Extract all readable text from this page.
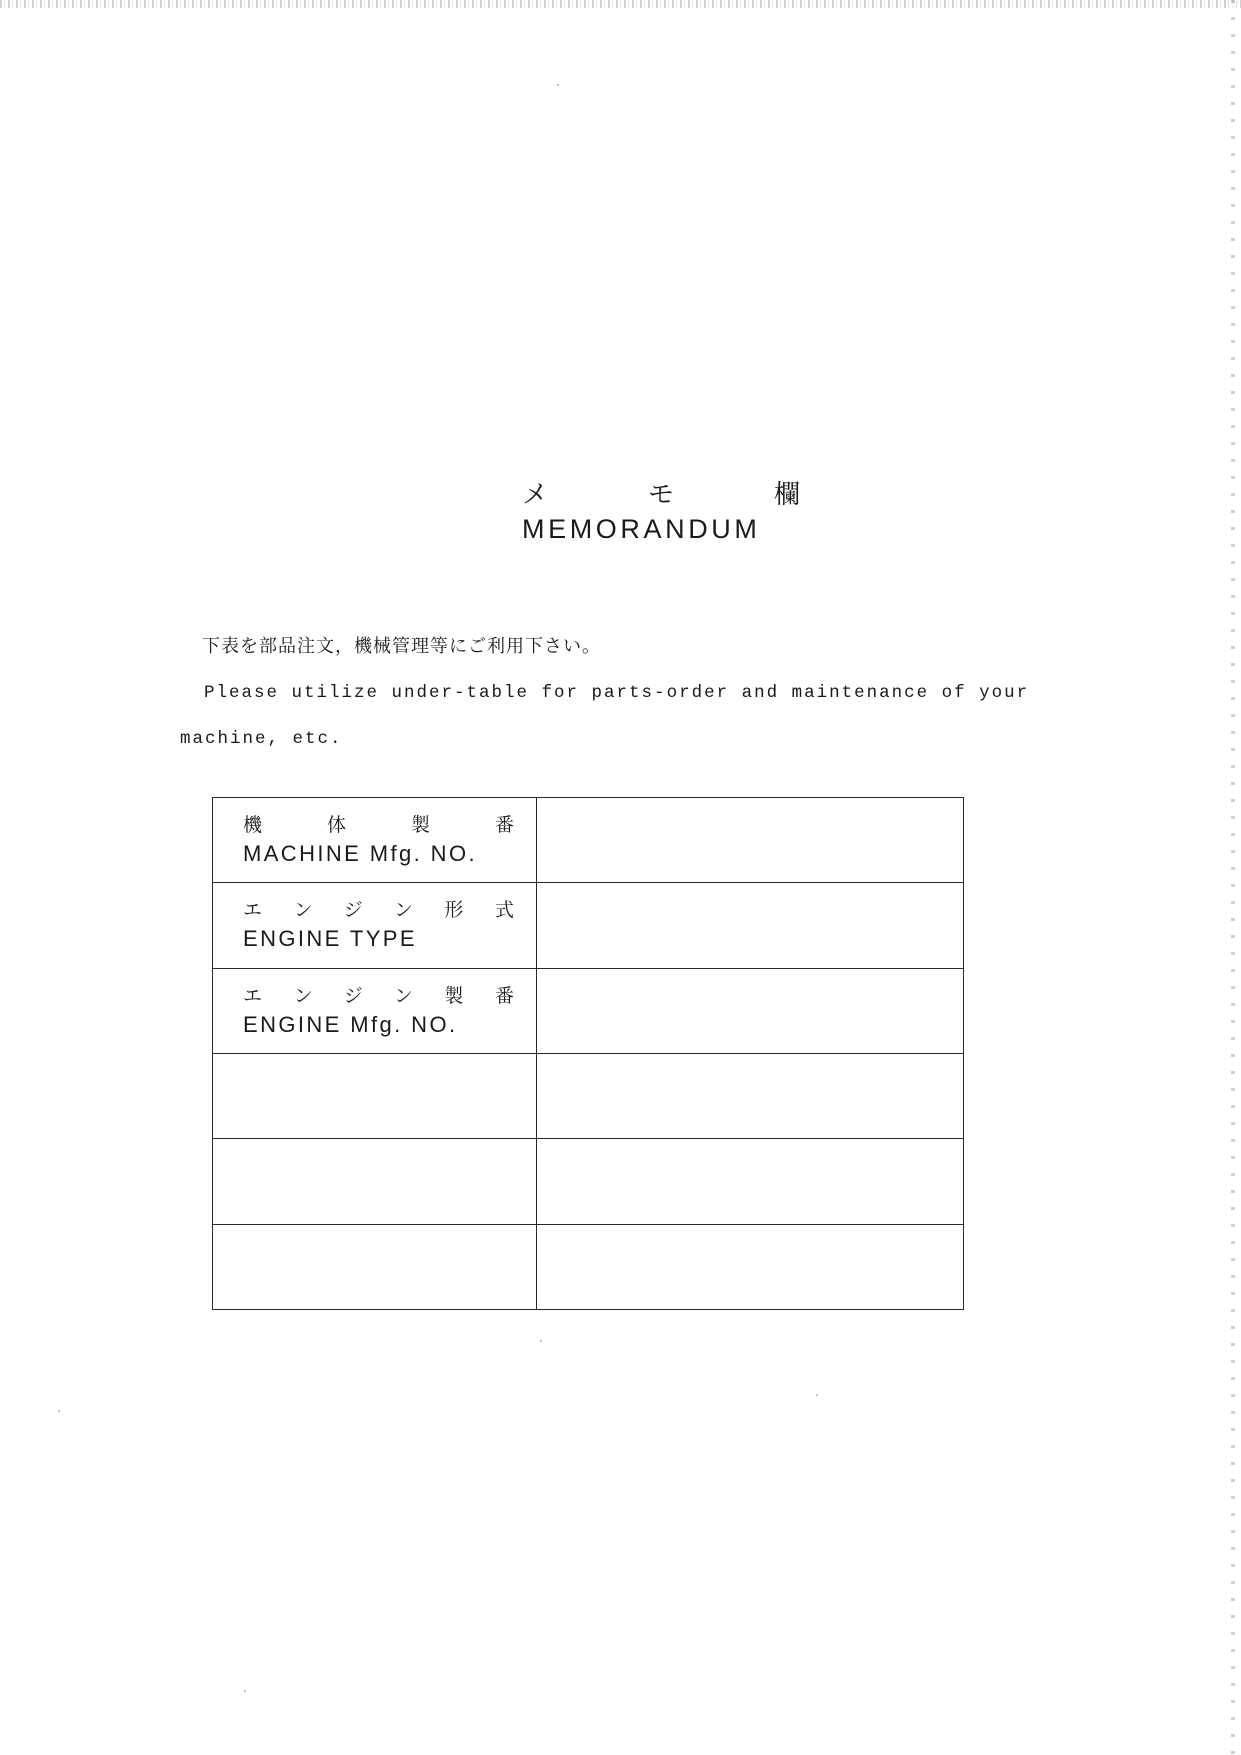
メ	モ	欄
MEMORANDUM
下表を部品注文，機械管理等にご利用下さい。
Please utilize under-table for parts-order and maintenance of your machine, etc.
機体製番
MACHINE Mfg. NO.	

エンジン形式
ENGINE TYPE	

エンジン製番
ENGINE Mfg. NO.	
